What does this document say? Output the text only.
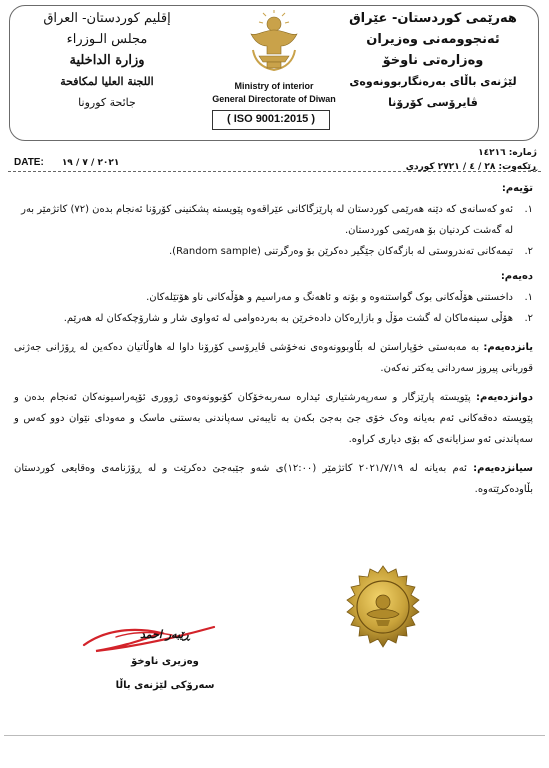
هەرێمی کوردستان- عێراق
ئەنجوومەنی وەزیران
وەزارەتی ناوخۆ
لێژنەی باڵای بەرەنگاربوونەوەی
ڤایرۆسی کۆرۆنا
إقليم كوردستان- العراق
مجلس الـوزراء
وزارة الداخلية
اللجنة العليا لمكافحة
جائحة كورونا
Ministry of interior
General Directorate of Diwan
( ISO 9001:2015 )
ژمارە: ١٤٢١٦
ڕێکەوت: ٢٨ / ٤ / ٢٧٢١ کوردی
DATE: ٢٠٢١ / ٧ / ١٩
تۆیەم:
١.
ئەو کەسانەی کە دێنە هەرێمی کوردستان لە پارێزگاکانی عێراقەوە پێویستە پشکنینی کۆرۆنا ئەنجام بدەن (٧٢) کاتژمێر بەر لە گەشت کردنیان بۆ هەرێمی کوردستان.
٢.
تیمەکانی تەندروستی لە بازگەکان جێگیر دەکرێن بۆ وەرگرتنی (Random sample).
دەیەم:
١.
داخستنی هۆڵەکانی بوک گواستنەوە و بۆنە و ئاهەنگ و مەراسیم و هۆڵەکانی ناو هۆتێلەکان.
٢.
هۆڵی سینەماکان لە گشت مۆڵ و بازاڕەکان دادەخرێن بە بەردەوامی لە ئەواوی شار و شارۆچکەکان لە هەرێم.
یانزدەیەم: بە مەبەستی خۆپاراستن لە بڵاوبوونەوەی نەخۆشی ڤایرۆسی کۆرۆنا داوا لە هاوڵاتیان دەکەین لە ڕۆژانی جەژنی قوربانی پیروز سەردانی یەکتر نەکەن.
دوانزدەیەم: پێویستە پارێزگار و سەرپەرشتیاری ئیدارە سەربەخۆکان کۆبوونەوەی ژووری ئۆپەراسیونەکان ئەنجام بدەن و پێویستە دەقەکانی ئەم بەیانە وەک خۆی جێ بەجێ بکەن بە تایبەتی سەپاندنی بەستنی ماسک و مەودای نێوان دوو کەس و سەپاندنی ئەو سزایانەی کە بۆی دیاری کراوە.
سیانزدەیەم: ئەم بەیانە لە ٢٠٢١/٧/١٩ کاتژمێر (١٢:٠٠)ی شەو جێبەجێ دەکرێت و لە ڕۆژنامەی وەقایعی کوردستان بڵاودەکرێتەوە.
ڕێبەر احمد
وەزیری ناوخۆ
سەرۆکی لێژنەی باڵا
